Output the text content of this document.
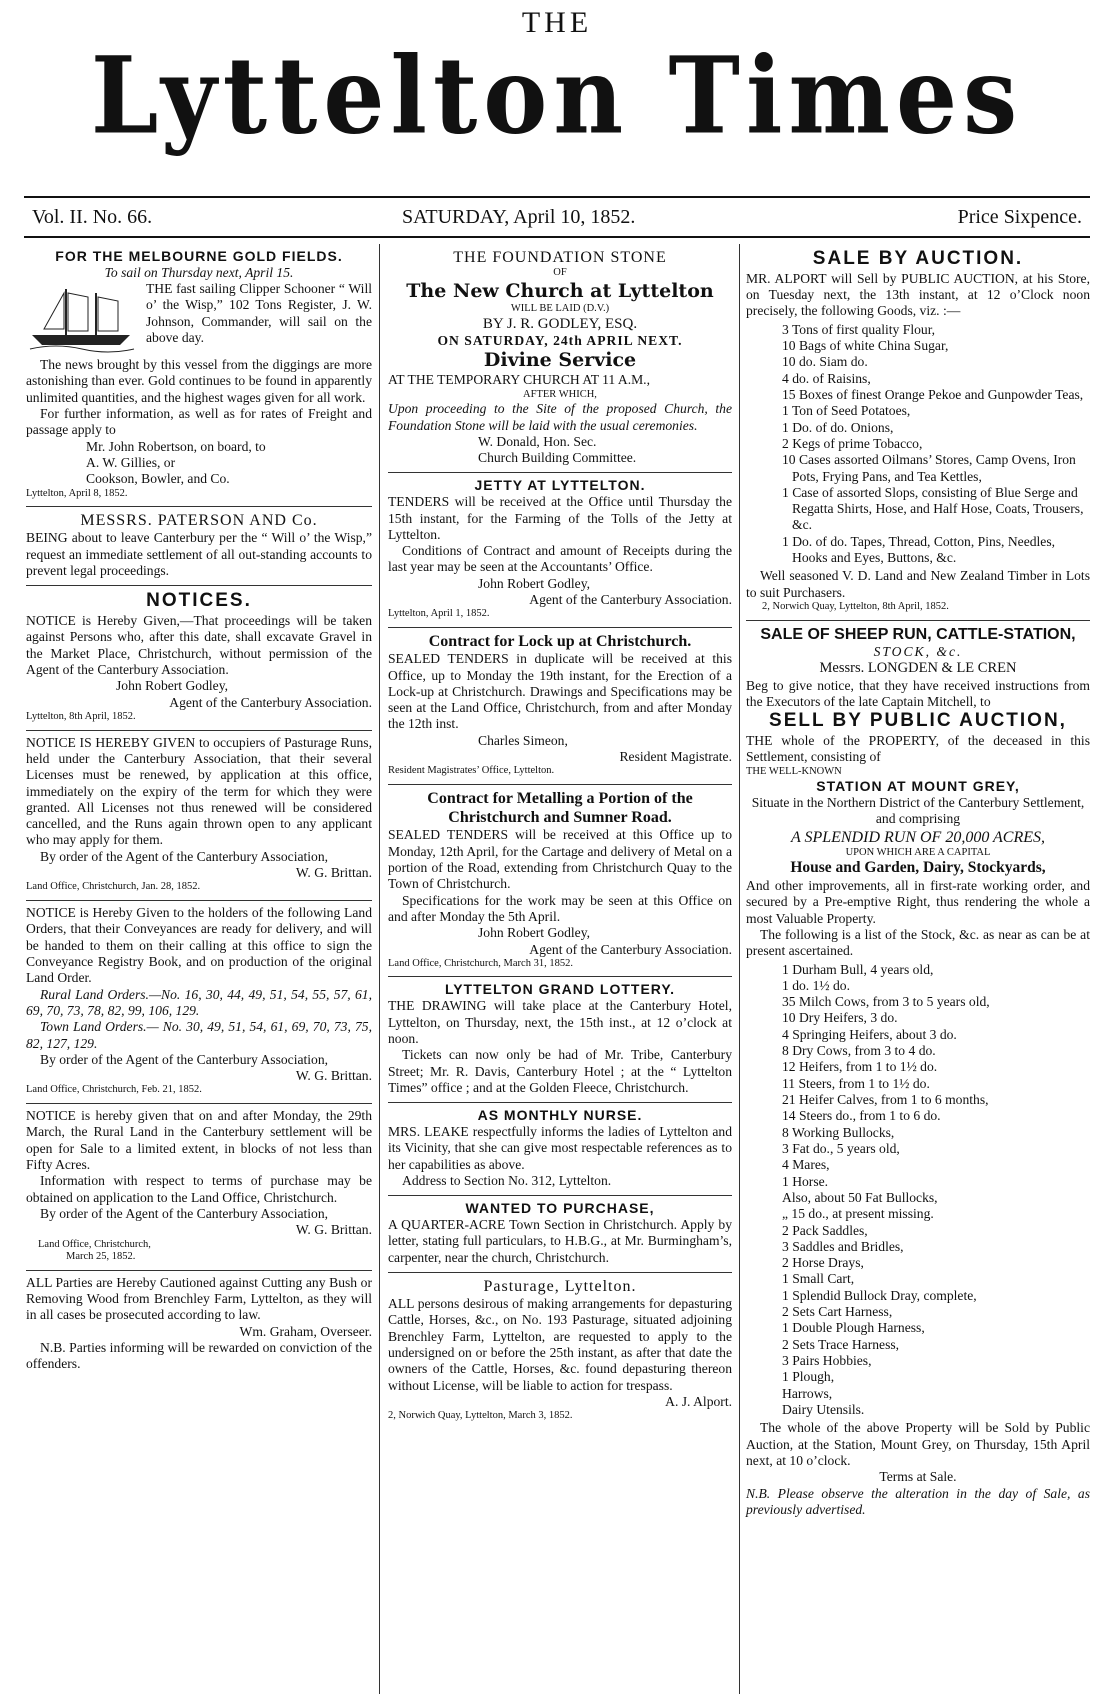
THE
Lyttelton Times
Vol. II. No. 66.	SATURDAY, April 10, 1852.	Price Sixpence.
FOR THE MELBOURNE GOLD FIELDS.
To sail on Thursday next, April 15.

THE fast sailing Clipper Schooner “ Will o’ the Wisp,” 102 Tons Register, J. W. Johnson, Commander, will sail on the above day.

The news brought by this vessel from the diggings are more astonishing than ever. Gold continues to be found in apparently unlimited quantities, and the highest wages given for all work.

For further information, as well as for rates of Freight and passage apply to

Mr. John Robertson, on board, to
A. W. Gillies, or
Cookson, Bowler, and Co.
Lyttelton, April 8, 1852.
MESSRS. PATERSON AND Co.

BEING about to leave Canterbury per the “ Will o’ the Wisp,” request an immediate settlement of all out-standing accounts to prevent legal proceedings.

NOTICES.

NOTICE is Hereby Given,—That proceedings will be taken against Persons who, after this date, shall excavate Gravel in the Market Place, Christchurch, without permission of the Agent of the Canterbury Association.

John Robert Godley,
Agent of the Canterbury Association.
Lyttelton, 8th April, 1852.

NOTICE IS HEREBY GIVEN to occupiers of Pasturage Runs, held under the Canterbury Association, that their several Licenses must be renewed, by application at this office, immediately on the expiry of the term for which they were granted. All Licenses not thus renewed will be considered cancelled, and the Runs again thrown open to any applicant who may apply for them.

By order of the Agent of the Canterbury Association,

W. G. Brittan.
Land Office, Christchurch, Jan. 28, 1852.

NOTICE is Hereby Given to the holders of the following Land Orders, that their Conveyances are ready for delivery, and will be handed to them on their calling at this office to sign the Conveyance Registry Book, and on production of the original Land Order.

Rural Land Orders.—No. 16, 30, 44, 49, 51, 54, 55, 57, 61, 69, 70, 73, 78, 82, 99, 106, 129.

Town Land Orders.— No. 30, 49, 51, 54, 61, 69, 70, 73, 75, 82, 127, 129.

By order of the Agent of the Canterbury Association,

W. G. Brittan.
Land Office, Christchurch, Feb. 21, 1852.

NOTICE is hereby given that on and after Monday, the 29th March, the Rural Land in the Canterbury settlement will be open for Sale to a limited extent, in blocks of not less than Fifty Acres.

Information with respect to terms of purchase may be obtained on application to the Land Office, Christchurch.

By order of the Agent of the Canterbury Association,

W. G. Brittan.
Land Office, Christchurch,
March 25, 1852.

ALL Parties are Hereby Cautioned against Cutting any Bush or Removing Wood from Brenchley Farm, Lyttelton, as they will in all cases be prosecuted according to law.

Wm. Graham, Overseer.

N.B. Parties informing will be rewarded on conviction of the offenders.

THE FOUNDATION STONE
OF
The New Church at Lyttelton
WILL BE LAID (D.V.)
BY J. R. GODLEY, ESQ.
ON SATURDAY, 24th APRIL NEXT.
Divine Service
AT THE TEMPORARY CHURCH AT 11 A.M.,
AFTER WHICH,

Upon proceeding to the Site of the proposed Church, the Foundation Stone will be laid with the usual ceremonies.

W. Donald, Hon. Sec.
Church Building Committee.
JETTY AT LYTTELTON.

TENDERS will be received at the Office until Thursday the 15th instant, for the Farming of the Tolls of the Jetty at Lyttelton.

Conditions of Contract and amount of Receipts during the last year may be seen at the Accountants’ Office.

John Robert Godley,
Agent of the Canterbury Association.
Lyttelton, April 1, 1852.
Contract for Lock up at Christchurch.

SEALED TENDERS in duplicate will be received at this Office, up to Monday the 19th instant, for the Erection of a Lock-up at Christchurch. Drawings and Specifications may be seen at the Land Office, Christchurch, from and after Monday the 12th inst.

Charles Simeon,
Resident Magistrate.
Resident Magistrates’ Office, Lyttelton.
Contract for Metalling a Portion of the Christchurch and Sumner Road.

SEALED TENDERS will be received at this Office up to Monday, 12th April, for the Cartage and delivery of Metal on a portion of the Road, extending from Christchurch Quay to the Town of Christchurch.

Specifications for the work may be seen at this Office on and after Monday the 5th April.

John Robert Godley,
Agent of the Canterbury Association.
Land Office, Christchurch, March 31, 1852.
LYTTELTON GRAND LOTTERY.

THE DRAWING will take place at the Canterbury Hotel, Lyttelton, on Thursday, next, the 15th inst., at 12 o’clock at noon.

Tickets can now only be had of Mr. Tribe, Canterbury Street; Mr. R. Davis, Canterbury Hotel ; at the “ Lyttelton Times” office ; and at the Golden Fleece, Christchurch.

AS MONTHLY NURSE.

MRS. LEAKE respectfully informs the ladies of Lyttelton and its Vicinity, that she can give most respectable references as to her capabilities as above.

Address to Section No. 312, Lyttelton.

WANTED TO PURCHASE,

A QUARTER-ACRE Town Section in Christchurch. Apply by letter, stating full particulars, to H.B.G., at Mr. Burmingham’s, carpenter, near the church, Christchurch.

Pasturage, Lyttelton.

ALL persons desirous of making arrangements for depasturing Cattle, Horses, &c., on No. 193 Pasturage, situated adjoining Brenchley Farm, Lyttelton, are requested to apply to the undersigned on or before the 25th instant, as after that date the owners of the Cattle, Horses, &c. found depasturing thereon without License, will be liable to action for trespass.

A. J. Alport.
2, Norwich Quay, Lyttelton, March 3, 1852.
SALE BY AUCTION.

MR. ALPORT will Sell by PUBLIC AUCTION, at his Store, on Tuesday next, the 13th instant, at 12 o’Clock noon precisely, the following Goods, viz. :—

3 Tons of first quality Flour,
10 Bags of white China Sugar,
10 do. Siam do.
4 do. of Raisins,
15 Boxes of finest Orange Pekoe and Gunpowder Teas,
1 Ton of Seed Potatoes,
1 Do. of do. Onions,
2 Kegs of prime Tobacco,
10 Cases assorted Oilmans’ Stores, Camp Ovens, Iron Pots, Frying Pans, and Tea Kettles,
1 Case of assorted Slops, consisting of Blue Serge and Regatta Shirts, Hose, and Half Hose, Coats, Trousers, &c.
1 Do. of do. Tapes, Thread, Cotton, Pins, Needles, Hooks and Eyes, Buttons, &c.

Well seasoned V. D. Land and New Zealand Timber in Lots to suit Purchasers.

2, Norwich Quay, Lyttelton, 8th April, 1852.
SALE OF SHEEP RUN, CATTLE-STATION,
STOCK, &c.
Messrs. LONGDEN & LE CREN

Beg to give notice, that they have received instructions from the Executors of the late Captain Mitchell, to

SELL BY PUBLIC AUCTION,

THE whole of the PROPERTY, of the deceased in this Settlement, consisting of

THE WELL-KNOWN
STATION AT MOUNT GREY,
Situate in the Northern District of the Canterbury Settlement, and comprising
A SPLENDID RUN OF 20,000 ACRES,
UPON WHICH ARE A CAPITAL
House and Garden, Dairy, Stockyards,

And other improvements, all in first-rate working order, and secured by a Pre-emptive Right, thus rendering the whole a most Valuable Property.

The following is a list of the Stock, &c. as near as can be at present ascertained.

1 Durham Bull, 4 years old,
1 do. 1½ do.
35 Milch Cows, from 3 to 5 years old,
10 Dry Heifers, 3 do.
4 Springing Heifers, about 3 do.
8 Dry Cows, from 3 to 4 do.
12 Heifers, from 1 to 1½ do.
11 Steers, from 1 to 1½ do.
21 Heifer Calves, from 1 to 6 months,
14 Steers do., from 1 to 6 do.
8 Working Bullocks,
3 Fat do., 5 years old,
4 Mares,
1 Horse.
Also, about 50 Fat Bullocks,
„ 15 do., at present missing.
2 Pack Saddles,
3 Saddles and Bridles,
2 Horse Drays,
1 Small Cart,
1 Splendid Bullock Dray, complete,
2 Sets Cart Harness,
1 Double Plough Harness,
2 Sets Trace Harness,
3 Pairs Hobbies,
1 Plough,
Harrows,
Dairy Utensils.

The whole of the above Property will be Sold by Public Auction, at the Station, Mount Grey, on Thursday, 15th April next, at 10 o’clock.

Terms at Sale.

N.B. Please observe the alteration in the day of Sale, as previously advertised.
